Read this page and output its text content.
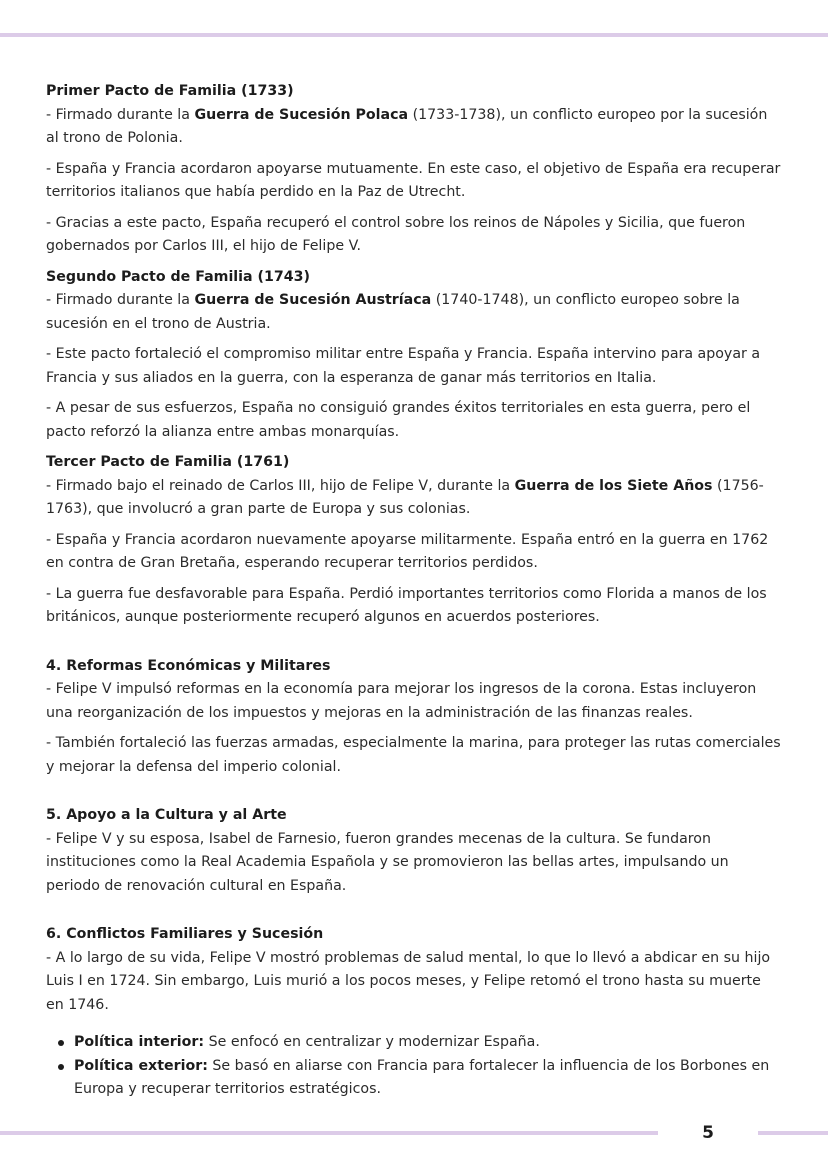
Primer Pacto de Familia (1733)

- Firmado durante la Guerra de Sucesión Polaca (1733-1738), un conflicto europeo por la sucesión al trono de Polonia.

- España y Francia acordaron apoyarse mutuamente. En este caso, el objetivo de España era recuperar territorios italianos que había perdido en la Paz de Utrecht.

- Gracias a este pacto, España recuperó el control sobre los reinos de Nápoles y Sicilia, que fueron gobernados por Carlos III, el hijo de Felipe V.

Segundo Pacto de Familia (1743)

- Firmado durante la Guerra de Sucesión Austríaca (1740-1748), un conflicto europeo sobre la sucesión en el trono de Austria.

- Este pacto fortaleció el compromiso militar entre España y Francia. España intervino para apoyar a Francia y sus aliados en la guerra, con la esperanza de ganar más territorios en Italia.

- A pesar de sus esfuerzos, España no consiguió grandes éxitos territoriales en esta guerra, pero el pacto reforzó la alianza entre ambas monarquías.

Tercer Pacto de Familia (1761)

- Firmado bajo el reinado de Carlos III, hijo de Felipe V, durante la Guerra de los Siete Años (1756-1763), que involucró a gran parte de Europa y sus colonias.

- España y Francia acordaron nuevamente apoyarse militarmente. España entró en la guerra en 1762 en contra de Gran Bretaña, esperando recuperar territorios perdidos.

- La guerra fue desfavorable para España. Perdió importantes territorios como Florida a manos de los británicos, aunque posteriormente recuperó algunos en acuerdos posteriores.

4. Reformas Económicas y Militares

- Felipe V impulsó reformas en la economía para mejorar los ingresos de la corona. Estas incluyeron una reorganización de los impuestos y mejoras en la administración de las finanzas reales.

- También fortaleció las fuerzas armadas, especialmente la marina, para proteger las rutas comerciales y mejorar la defensa del imperio colonial.

5. Apoyo a la Cultura y al Arte

- Felipe V y su esposa, Isabel de Farnesio, fueron grandes mecenas de la cultura. Se fundaron instituciones como la Real Academia Española y se promovieron las bellas artes, impulsando un periodo de renovación cultural en España.

6. Conflictos Familiares y Sucesión

- A lo largo de su vida, Felipe V mostró problemas de salud mental, lo que lo llevó a abdicar en su hijo Luis I en 1724. Sin embargo, Luis murió a los pocos meses, y Felipe retomó el trono hasta su muerte en 1746.

Política interior: Se enfocó en centralizar y modernizar España.
Política exterior: Se basó en aliarse con Francia para fortalecer la influencia de los Borbones en Europa y recuperar territorios estratégicos.
5
